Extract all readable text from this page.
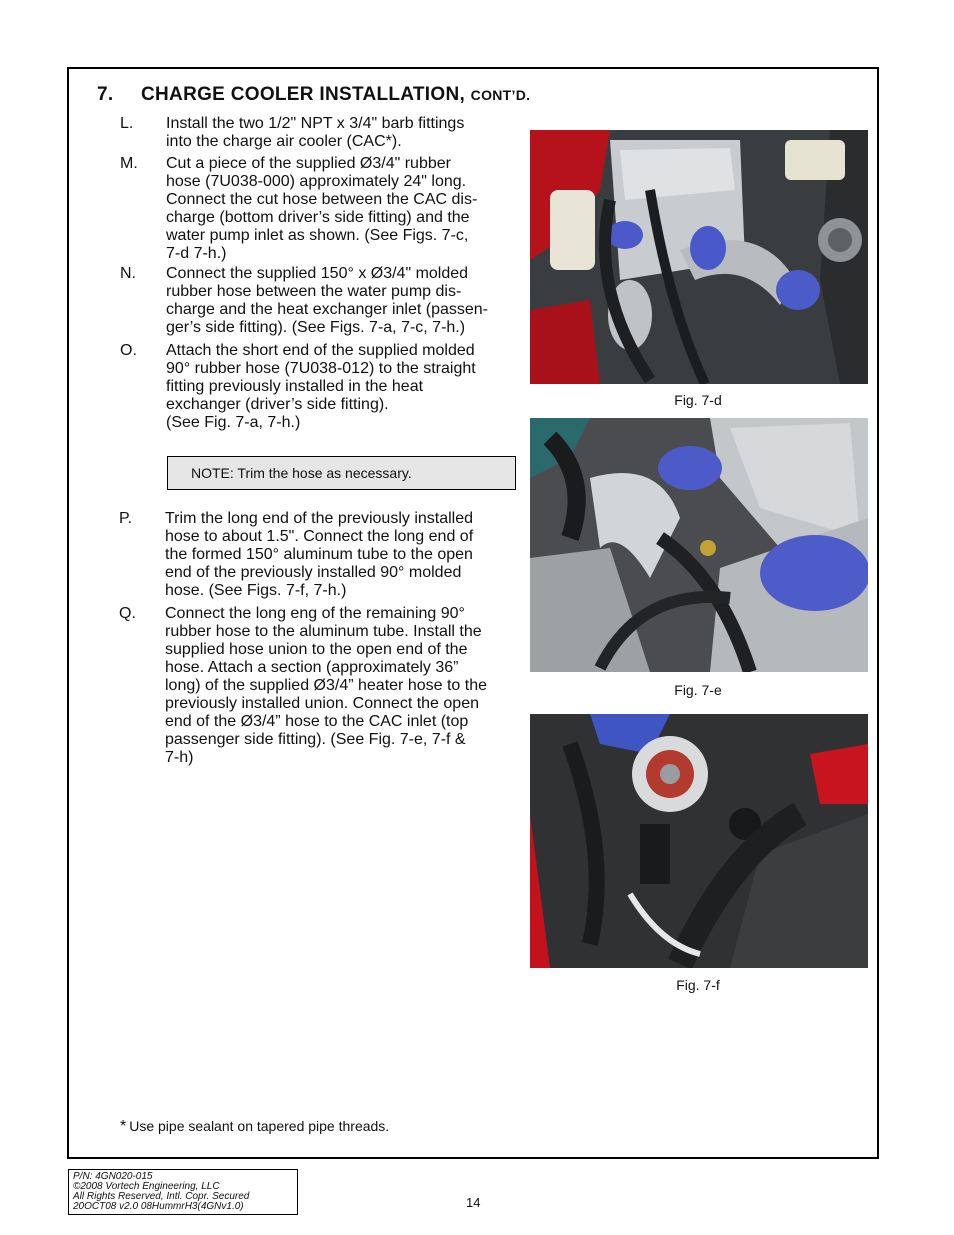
7. CHARGE COOLER INSTALLATION, CONT’D.
L. Install the two 1/2" NPT x 3/4" barb fittings
into the charge air cooler (CAC*).
M. Cut a piece of the supplied Ø3/4" rubber
hose (7U038-000) approximately 24" long.
Connect the cut hose between the CAC dis-
charge (bottom driver’s side fitting) and the
water pump inlet as shown. (See Figs. 7-c,
7-d 7-h.)
N. Connect the supplied 150° x Ø3/4" molded
rubber hose between the water pump dis-
charge and the heat exchanger inlet (passen-
ger’s side fitting). (See Figs. 7-a, 7-c, 7-h.)
O. Attach the short end of the supplied molded
90° rubber hose (7U038-012) to the straight
fitting previously installed in the heat
exchanger (driver’s side fitting).
(See Fig. 7-a, 7-h.)
NOTE: Trim the hose as necessary.
P. Trim the long end of the previously installed
hose to about 1.5". Connect the long end of
the formed 150° aluminum tube to the open
end of the previously installed 90° molded
hose. (See Figs. 7-f, 7-h.)
Q. Connect the long eng of the remaining 90°
rubber hose to the aluminum tube. Install the
supplied hose union to the open end of the
hose. Attach a section (approximately 36”
long) of the supplied Ø3/4” heater hose to the
previously installed union. Connect the open
end of the Ø3/4” hose to the CAC inlet (top
passenger side fitting). (See Fig. 7-e, 7-f &
7-h)
Fig. 7-d
Fig. 7-e
Fig. 7-f
* Use pipe sealant on tapered pipe threads.
P/N: 4GN020-015
©2008 Vortech Engineering, LLC
All Rights Reserved, Intl. Copr. Secured
20OCT08 v2.0 08HummrH3(4GNv1.0)	14
